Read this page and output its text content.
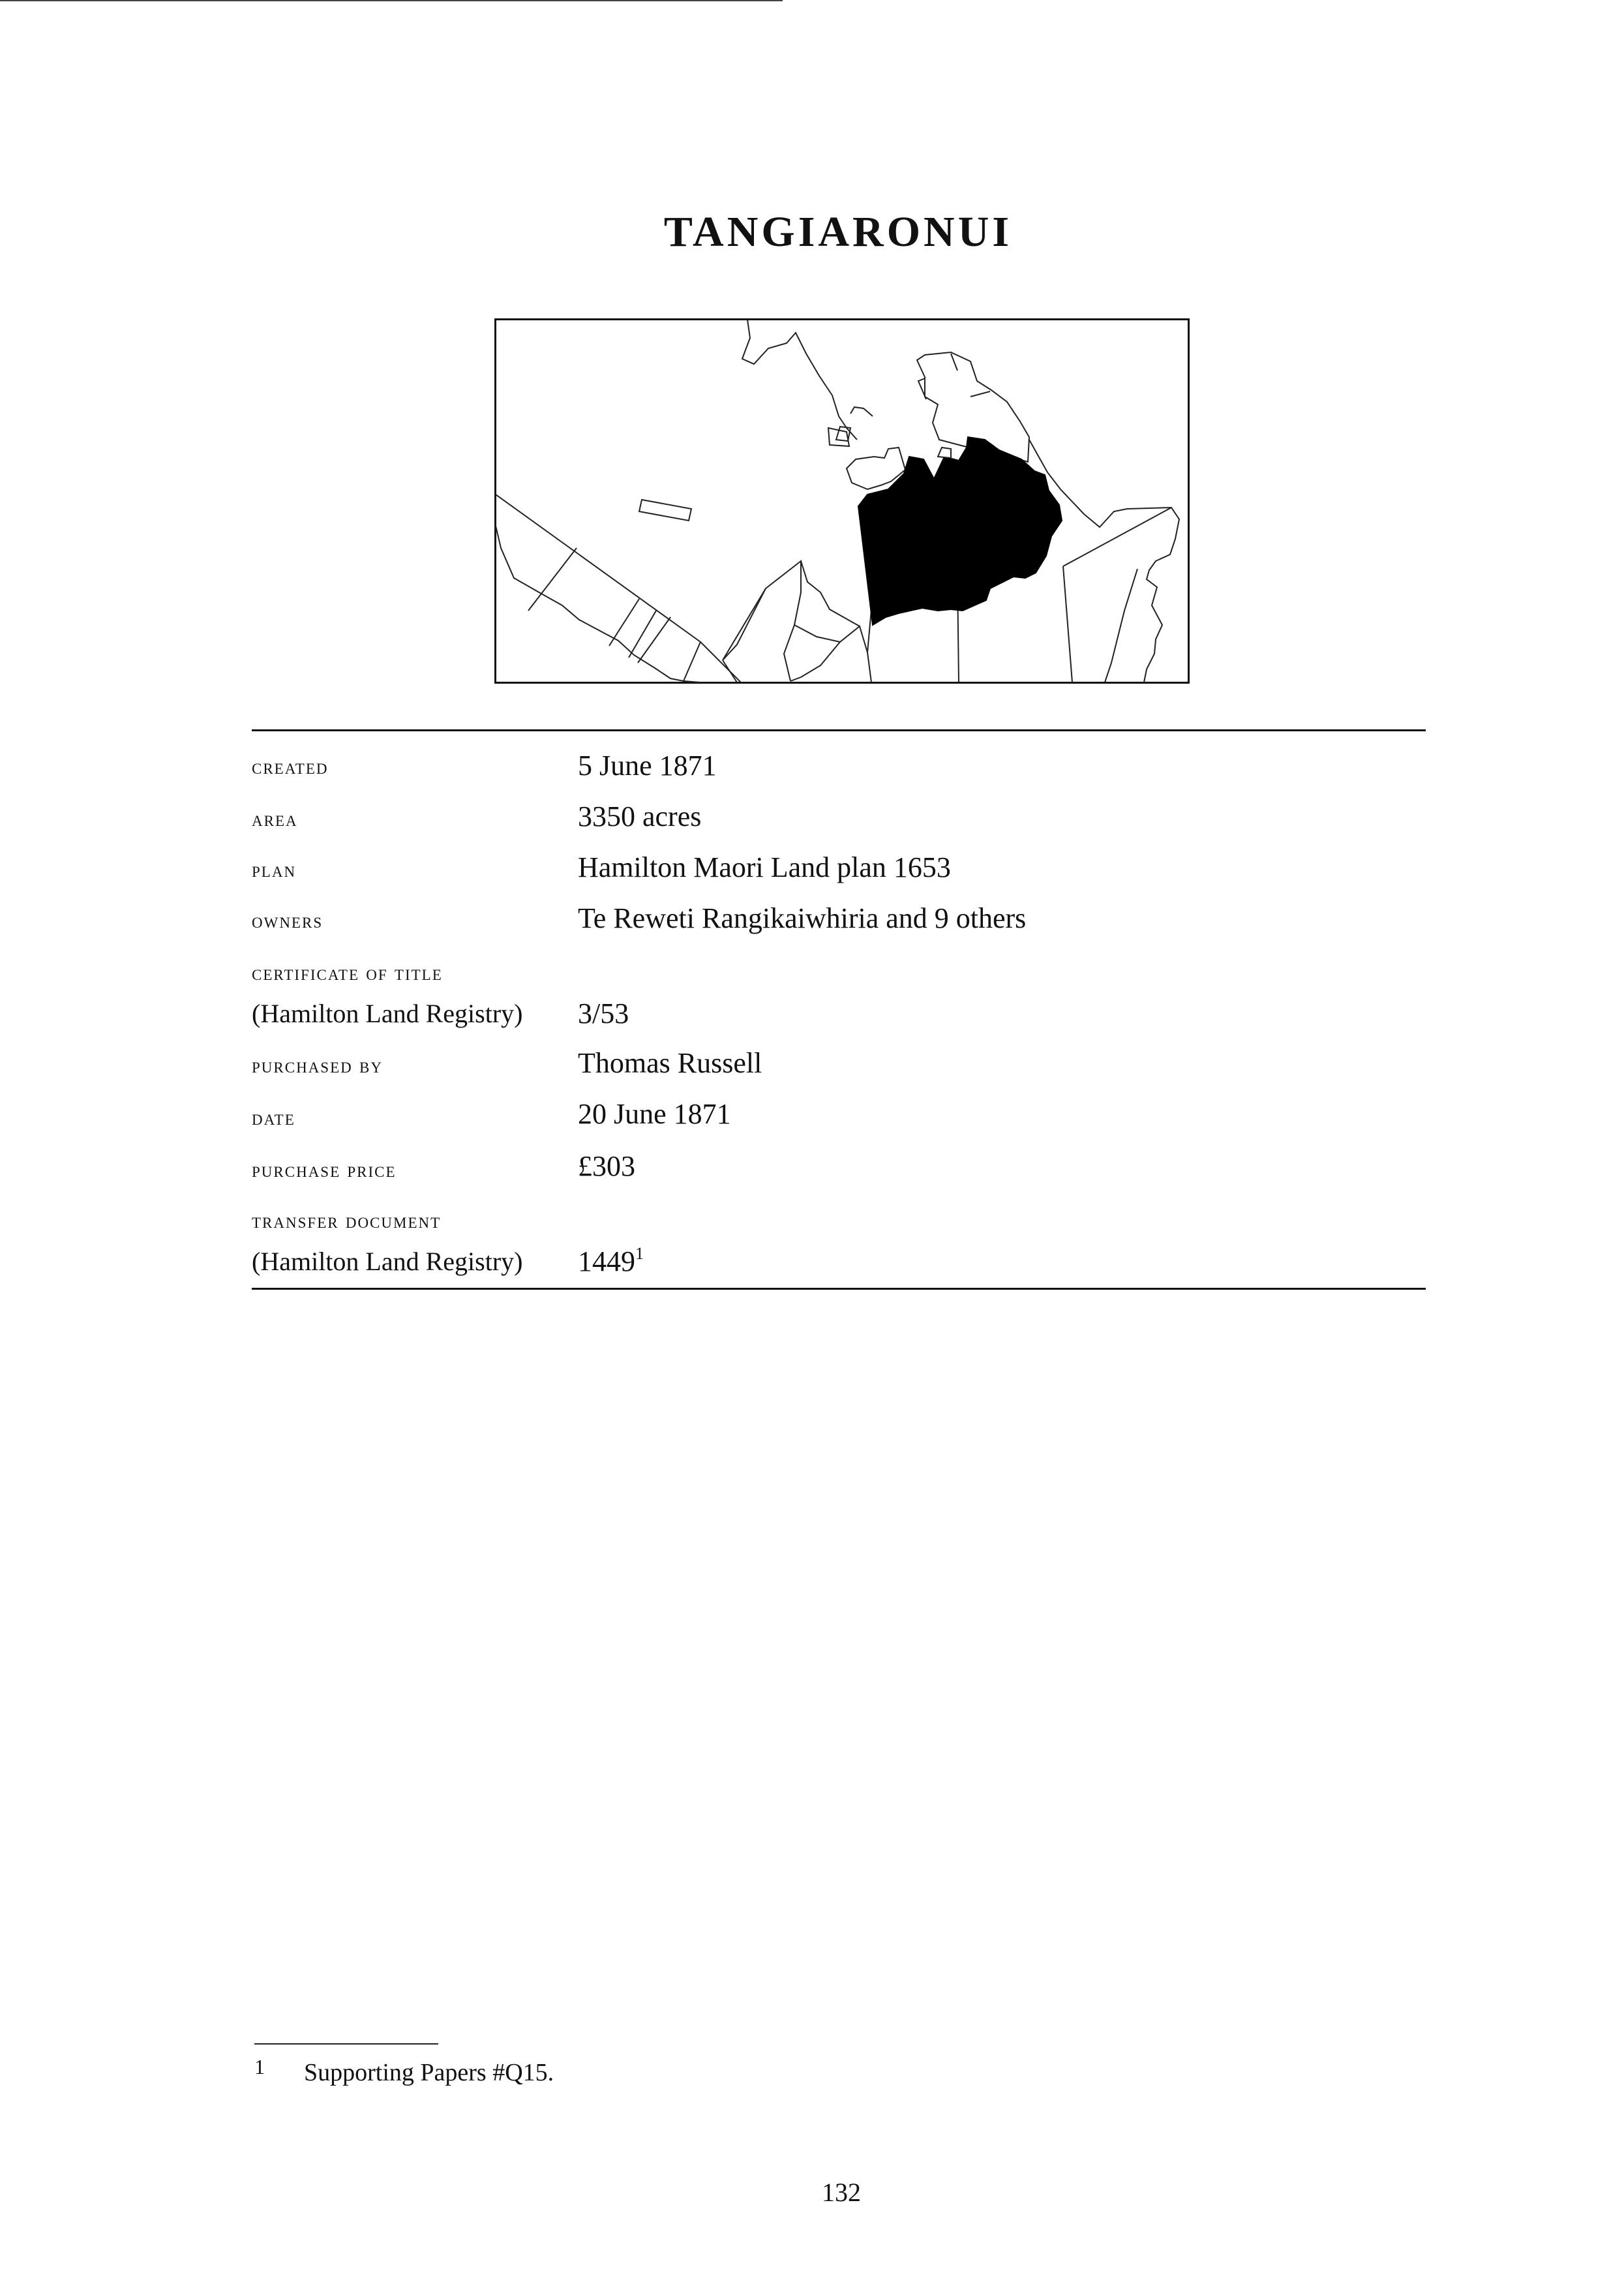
TANGIARONUI
created	5 June 1871
area	3350 acres
plan	Hamilton Maori Land plan 1653
owners	Te Reweti Rangikaiwhiria and 9 others
certificate of title
(Hamilton Land Registry) 3/53
purchased by	Thomas Russell
date	20 June 1871
purchase price	£303
transfer document
(Hamilton Land Registry) 1449$^1$
1 Supporting Papers #Q15.
132
